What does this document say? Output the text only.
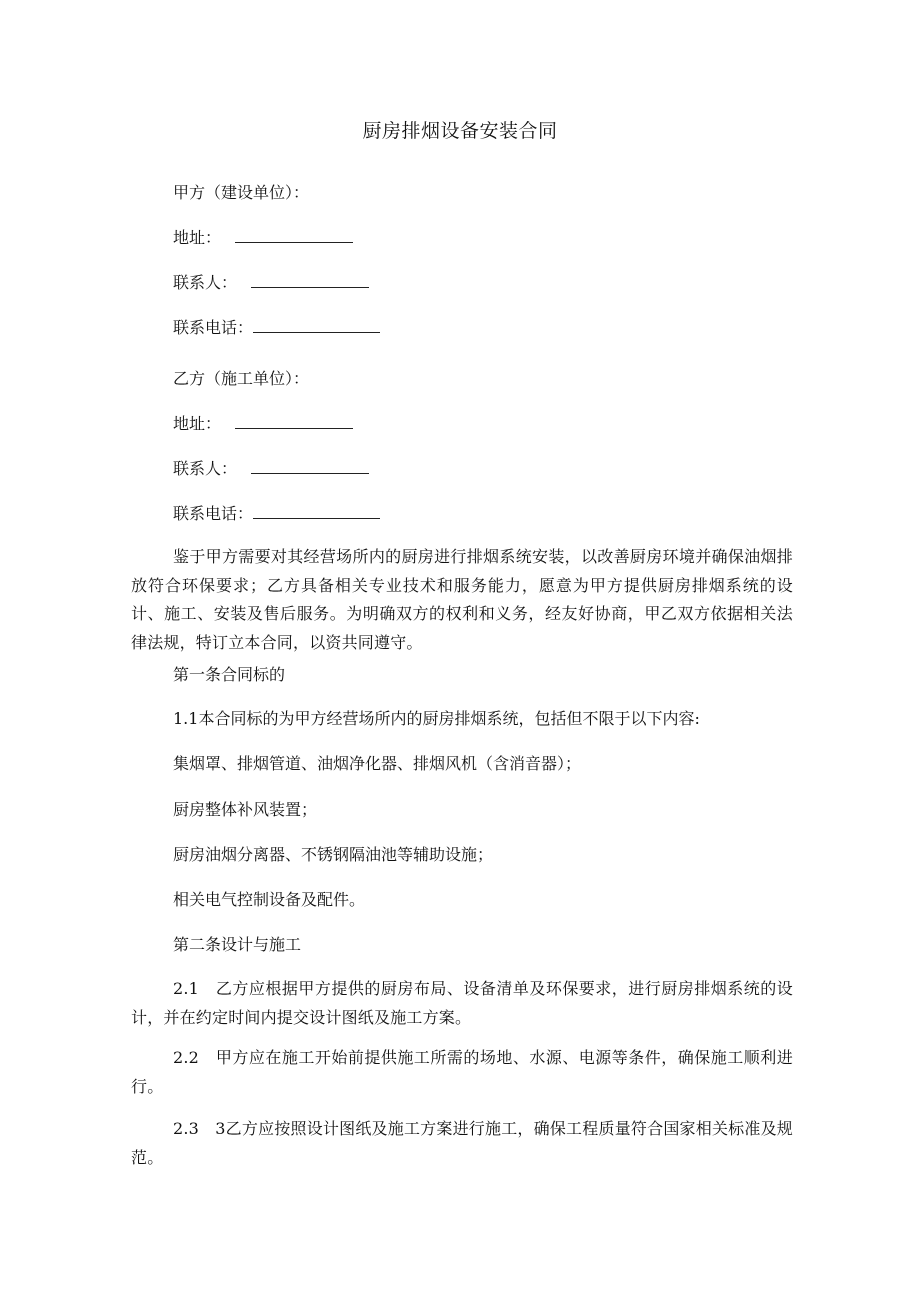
厨房排烟设备安装合同
甲方（建设单位）：
地址：
联系人：
联系电话：
乙方（施工单位）：
地址：
联系人：
联系电话：
鉴于甲方需要对其经营场所内的厨房进行排烟系统安装，以改善厨房环境并确保油烟排放符合环保要求；乙方具备相关专业技术和服务能力，愿意为甲方提供厨房排烟系统的设计、施工、安装及售后服务。为明确双方的权利和义务，经友好协商，甲乙双方依据相关法律法规，特订立本合同，以资共同遵守。
第一条合同标的
1.1本合同标的为甲方经营场所内的厨房排烟系统，包括但不限于以下内容:
集烟罩、排烟管道、油烟净化器、排烟风机（含消音器）；
厨房整体补风装置；
厨房油烟分离器、不锈钢隔油池等辅助设施；
相关电气控制设备及配件。
第二条设计与施工
2.1　乙方应根据甲方提供的厨房布局、设备清单及环保要求，进行厨房排烟系统的设计，并在约定时间内提交设计图纸及施工方案。
2.2　甲方应在施工开始前提供施工所需的场地、水源、电源等条件，确保施工顺利进行。
2.3　3乙方应按照设计图纸及施工方案进行施工，确保工程质量符合国家相关标准及规范。
